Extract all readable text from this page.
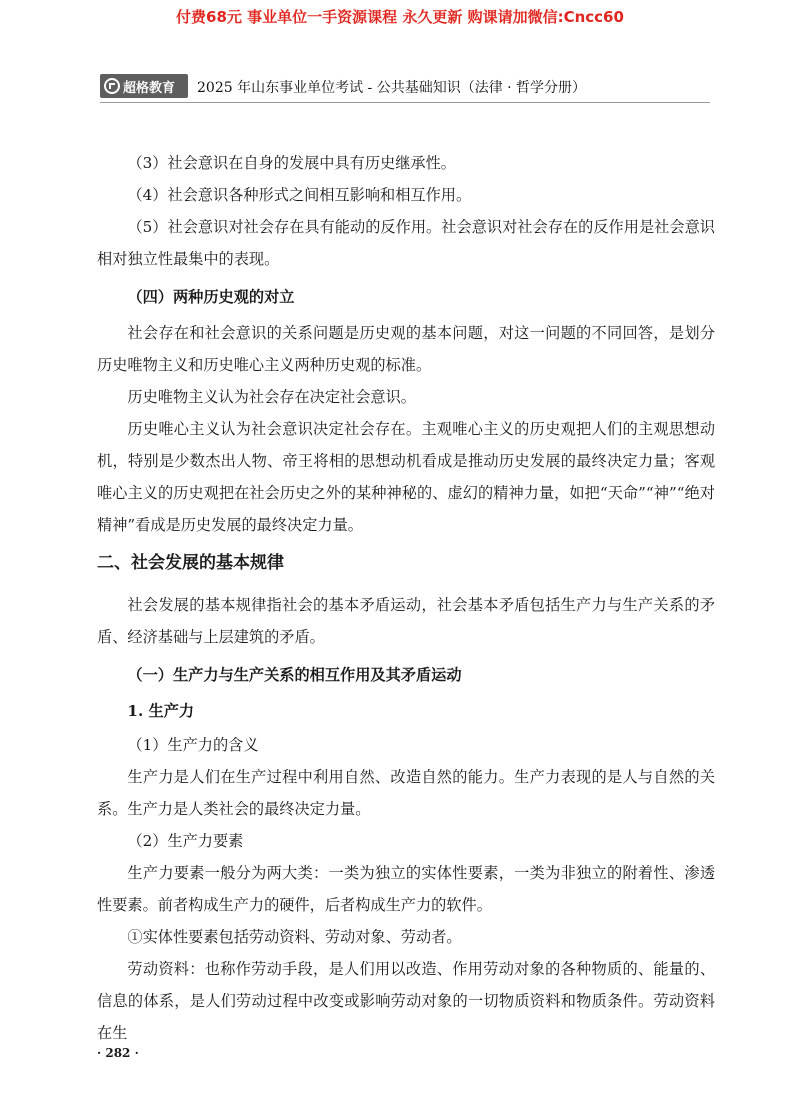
付费68元 事业单位一手资源课程 永久更新 购课请加微信:Cncc60
超格教育 2025 年山东事业单位考试 - 公共基础知识（法律 · 哲学分册）

（3）社会意识在自身的发展中具有历史继承性。

（4）社会意识各种形式之间相互影响和相互作用。

（5）社会意识对社会存在具有能动的反作用。社会意识对社会存在的反作用是社会意识相对独立性最集中的表现。

（四）两种历史观的对立

社会存在和社会意识的关系问题是历史观的基本问题，对这一问题的不同回答，是划分历史唯物主义和历史唯心主义两种历史观的标准。

历史唯物主义认为社会存在决定社会意识。

历史唯心主义认为社会意识决定社会存在。主观唯心主义的历史观把人们的主观思想动机，特别是少数杰出人物、帝王将相的思想动机看成是推动历史发展的最终决定力量；客观唯心主义的历史观把在社会历史之外的某种神秘的、虚幻的精神力量，如把“天命”“神”“绝对精神”看成是历史发展的最终决定力量。

二、社会发展的基本规律

社会发展的基本规律指社会的基本矛盾运动，社会基本矛盾包括生产力与生产关系的矛盾、经济基础与上层建筑的矛盾。

（一）生产力与生产关系的相互作用及其矛盾运动

1. 生产力

（1）生产力的含义

生产力是人们在生产过程中利用自然、改造自然的能力。生产力表现的是人与自然的关系。生产力是人类社会的最终决定力量。

（2）生产力要素

生产力要素一般分为两大类：一类为独立的实体性要素，一类为非独立的附着性、渗透性要素。前者构成生产力的硬件，后者构成生产力的软件。

①实体性要素包括劳动资料、劳动对象、劳动者。

劳动资料：也称作劳动手段，是人们用以改造、作用劳动对象的各种物质的、能量的、信息的体系，是人们劳动过程中改变或影响劳动对象的一切物质资料和物质条件。劳动资料在生

· 282 ·
